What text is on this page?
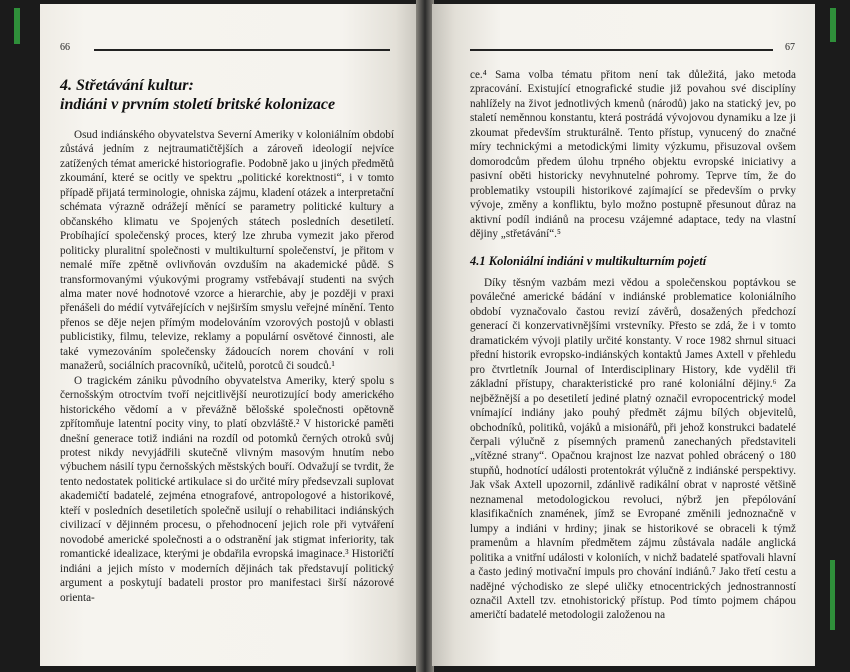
66
4. Střetávání kultur:
indiáni v prvním století britské kolonizace

Osud indiánského obyvatelstva Severní Ameriky v koloniálním období zůstává jedním z nejtraumatičtějších a zároveň ideologií nejvíce zatížených témat americké historiografie. Podobně jako u jiných předmětů zkoumání, které se ocitly ve spektru „politické korektnosti“, i v tomto případě přijatá terminologie, ohniska zájmu, kladení otázek a interpretační schémata výrazně odrážejí měnící se parametry politické kultury a občanského klimatu ve Spojených státech posledních desetiletí. Probíhající společenský proces, který lze zhruba vymezit jako přerod politicky pluralitní společnosti v multikulturní společenství, je přitom v nemalé míře zpětně ovlivňován ovzduším na akademické půdě. S transformovanými výukovými programy vstřebávají studenti na svých alma mater nové hodnotové vzorce a hierarchie, aby je později v praxi přenášeli do médií vytvářejících v nejširším smyslu veřejné mínění. Tento přenos se děje nejen přímým modelováním vzorových postojů v oblasti publicistiky, filmu, televize, reklamy a populární osvětové činnosti, ale také vymezováním společensky žádoucích norem chování v roli manažerů, sociálních pracovníků, učitelů, porotců či soudců.¹

O tragickém zániku původního obyvatelstva Ameriky, který spolu s černošským otroctvím tvoří nejcitlivější neurotizující body amerického historického vědomí a v převážně bělošské společnosti opětovně zpřítomňuje latentní pocity viny, to platí obzvláště.² V historické paměti dnešní generace totiž indiáni na rozdíl od potomků černých otroků svůj protest nikdy nevyjádřili skutečně vlivným masovým hnutím nebo výbuchem násilí typu černošských městských bouří. Odvažují se tvrdit, že tento nedostatek politické artikulace si do určité míry předsevzali suplovat akademičtí badatelé, zejména etnografové, antropologové a historikové, kteří v posledních desetiletích společně usilují o rehabilitaci indiánských civilizací v dějinném procesu, o přehodnocení jejich role při vytváření novodobé americké společnosti a o odstranění jak stigmat inferiority, tak romantické idealizace, kterými je obdařila evropská imaginace.³ Historičtí indiáni a jejich místo v moderních dějinách tak představují politický argument a poskytují badateli prostor pro manifestaci širší názorové orienta-

67

ce.⁴ Sama volba tématu přitom není tak důležitá, jako metoda zpracování. Existující etnografické studie již povahou své disciplíny nahlížely na život jednotlivých kmenů (národů) jako na statický jev, po staletí neměnnou konstantu, která postrádá vývojovou dynamiku a lze ji zkoumat především strukturálně. Tento přístup, vynucený do značné míry technickými a metodickými limity výzkumu, přisuzoval ovšem domorodcům předem úlohu trpného objektu evropské iniciativy a pasivní oběti historicky nevyhnutelné pohromy. Teprve tím, že do problematiky vstoupili historikové zajímající se především o prvky vývoje, změny a konfliktu, bylo možno postupně přesunout důraz na aktivní podíl indiánů na procesu vzájemné adaptace, tedy na vlastní dějiny „střetávání“.⁵

4.1 Koloniální indiáni v multikulturním pojetí

Díky těsným vazbám mezi vědou a společenskou poptávkou se poválečné americké bádání v indiánské problematice koloniálního období vyznačovalo častou revizí závěrů, dosažených předchozí generací či konzervativnějšími vrstevníky. Přesto se zdá, že i v tomto dramatickém vývoji platily určité konstanty. V roce 1982 shrnul situaci přední historik evropsko-indiánských kontaktů James Axtell v přehledu pro čtvrtletník Journal of Interdisciplinary History, kde vydělil tři základní přístupy, charakteristické pro rané koloniální dějiny.⁶ Za nejběžnější a po desetiletí jediné platný označil evropocentrický model vnímající indiány jako pouhý předmět zájmu bílých objevitelů, obchodníků, politiků, vojáků a misionářů, při jehož konstrukci badatelé čerpali výlučně z písemných pramenů zanechaných představiteli „vítězné strany“. Opačnou krajnost lze nazvat pohled obrácený o 180 stupňů, hodnotící události protentokrát výlučně z indiánské perspektivy. Jak však Axtell upozornil, zdánlivě radikální obrat v naprosté většině neznamenal metodologickou revoluci, nýbrž jen přepólování klasifikačních znamének, jímž se Evropané změnili jednoznačně v lumpy a indiáni v hrdiny; jinak se historikové se obraceli k týmž pramenům a hlavním předmětem zájmu zůstávala nadále anglická politika a vnitřní události v koloniích, v nichž badatelé spatřovali hlavní a často jediný motivační impuls pro chování indiánů.⁷ Jako třetí cestu a nadějné východisko ze slepé uličky etnocentrických jednostranností označil Axtell tzv. etnohistorický přístup. Pod tímto pojmem chápou američtí badatelé metodologii založenou na
